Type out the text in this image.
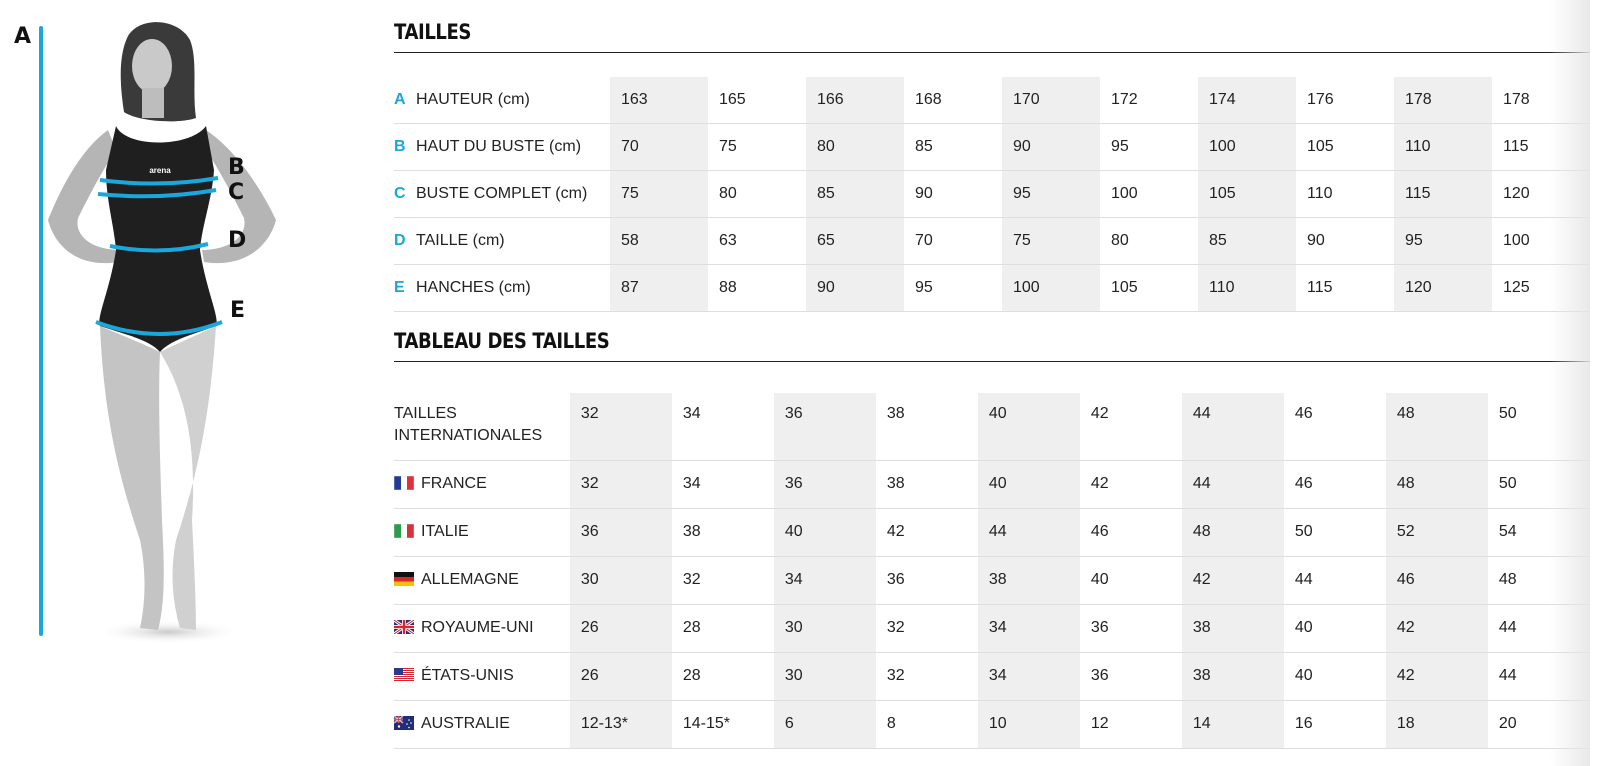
A
arena	B
C
D
E
TAILLES
A HAUTEUR (cm)	163	165	166	168	170	172	174	176	178	178
B HAUT DU BUSTE (cm)	70	75	80	85	90	95	100	105	110	115
C BUSTE COMPLET (cm)	75	80	85	90	95	100	105	110	115	120
D TAILLE (cm)	58	63	65	70	75	80	85	90	95	100
E HANCHES (cm)	87	88	90	95	100	105	110	115	120	125
TABLEAU DES TAILLES
TAILLES INTERNATIONALES	32	34	36	38	40	42	44	46	48	50
FRANCE	32	34	36	38	40	42	44	46	48	50
ITALIE	36	38	40	42	44	46	48	50	52	54
ALLEMAGNE	30	32	34	36	38	40	42	44	46	48
ROYAUME-UNI	26	28	30	32	34	36	38	40	42	44
ÉTATS-UNIS	26	28	30	32	34	36	38	40	42	44
AUSTRALIE	12-13*	14-15*	6	8	10	12	14	16	18	20
